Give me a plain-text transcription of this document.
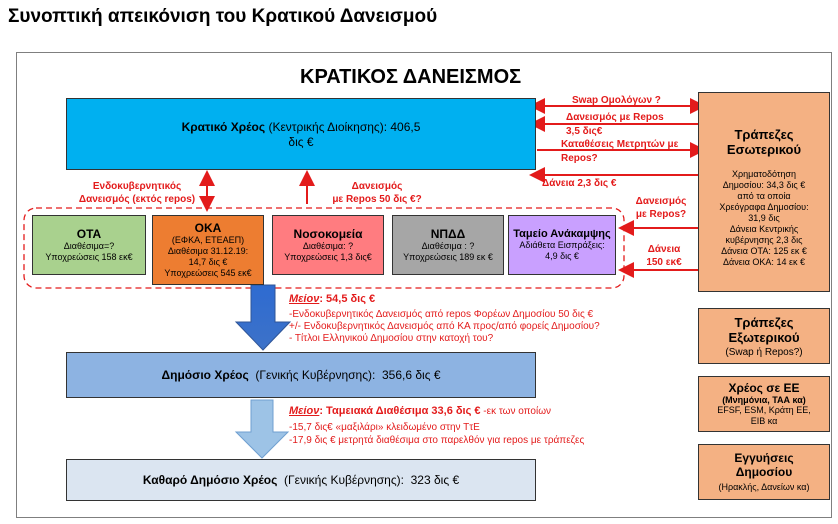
Συνοπτική απεικόνιση του Κρατικού Δανεισμού
ΚΡΑΤΙΚΟΣ ΔΑΝΕΙΣΜΟΣ
Κρατικό Χρέος (Κεντρικής Διοίκησης): 406,5
δις €
Swap Ομολόγων ?
Δανεισμός με Repos
3,5 δις€
Καταθέσεις Μετρητών με
Repos?
Δάνεια 2,3 δις €
Ενδοκυβερνητικός
Δανεισμός (εκτός repos)
Δανεισμός
με Repos 50 δις €?	Δανεισμός
με Repos?
Δάνεια
150 εκ€
Τράπεζες Εσωτερικού
Χρηματοδότηση
Δημοσίου: 34,3 δις €
από τα οποία
Χρεόγραφα Δημοσίου:
31,9 δις
Δάνεια Κεντρικής
κυβέρνησης 2,3 δις
Δάνεια ΟΤΑ: 125 εκ €
Δάνεια ΟΚΑ: 14 εκ €
Τράπεζες Εξωτερικού
(Swap ή Repos?)
Χρέος σε ΕΕ
(Μνημόνια, ΤΑΑ κα)
EFSF, ESM, Κράτη ΕΕ,
ΕΙΒ κα
Εγγυήσεις Δημοσίου
(Ηρακλής, Δανείων κα)
ΟΤΑ
Διαθέσιμα=?
Υποχρεώσεις 158 εκ€
ΟΚΑ
(ΕΦΚΑ, ΕΤΕΑΕΠ)
Διαθέσιμα 31.12.19:
14,7 δις €
Υποχρεώσεις 545 εκ€
Νοσοκομεία
Διαθέσιμα: ?
Υποχρεώσεις 1,3 δις€
ΝΠΔΔ
Διαθέσιμα : ?
Υποχρεώσεις 189 εκ €
Ταμείο Ανάκαμψης
Αδιάθετα Εισπράξεις:
4,9 δις €
Μείον: 54,5 δις €
-Ενδοκυβερνητικός Δανεισμός από repos Φορέων Δημοσίου 50 δις €
+/- Ενδοκυβερνητικός Δανεισμός από ΚΑ προς/από φορείς Δημοσίου?
- Τίτλοι Ελληνικού Δημοσίου στην κατοχή του?
Δημόσιο Χρέος (Γενικής Κυβέρνησης):  356,6 δις €
Μείον: Ταμειακά Διαθέσιμα 33,6 δις € -εκ των οποίων
-15,7 δις€ «μαξιλάρι» κλειδωμένο στην ΤτΕ
-17,9 δις € μετρητά διαθέσιμα στο παρελθόν για repos με τράπεζες
Καθαρό Δημόσιο Χρέος (Γενικής Κυβέρνησης):  323 δις €
